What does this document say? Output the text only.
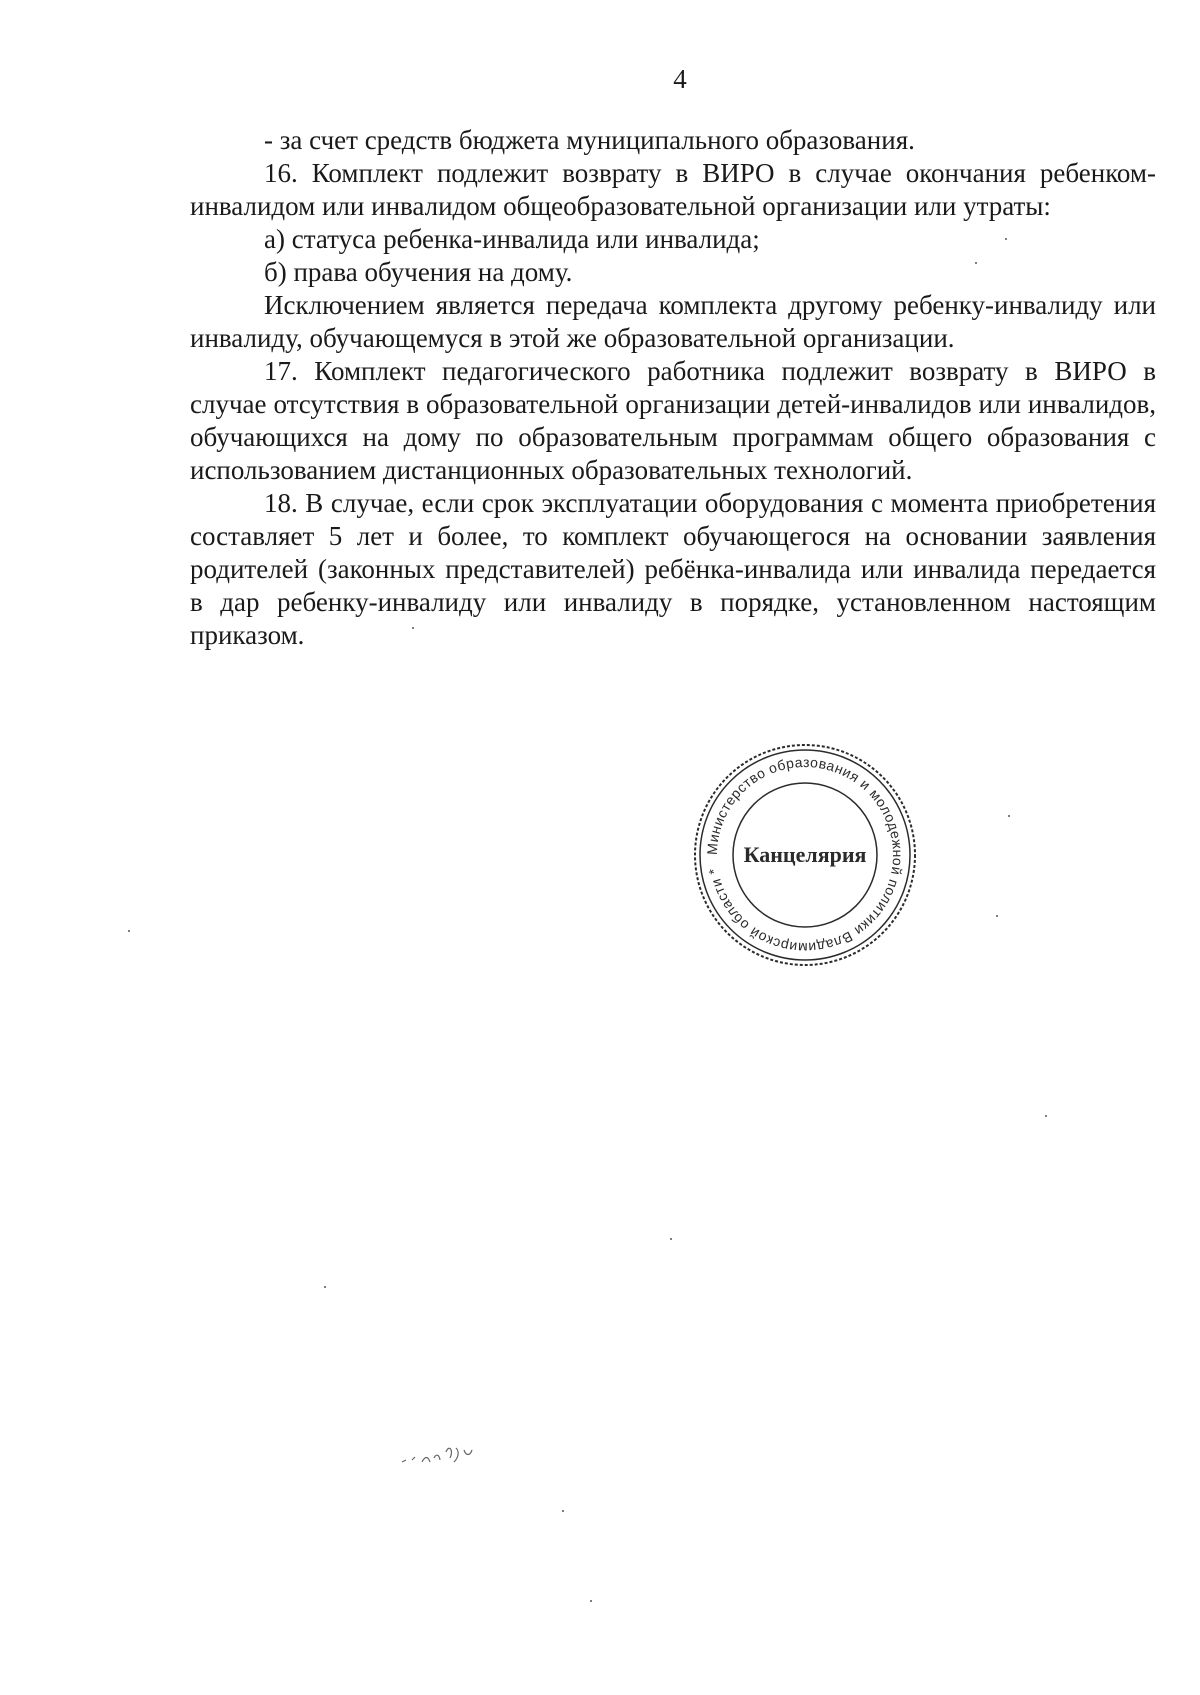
4

- за счет средств бюджета муниципального образования.

16. Комплект подлежит возврату в ВИРО в случае окончания ребенком-инвалидом или инвалидом общеобразовательной организации или утраты:

а) статуса ребенка-инвалида или инвалида;

б) права обучения на дому.

Исключением является передача комплекта другому ребенку-инвалиду или инвалиду, обучающемуся в этой же образовательной организации.

17. Комплект педагогического работника подлежит возврату в ВИРО в случае отсутствия в образовательной организации детей-инвалидов или инвалидов, обучающихся на дому по образовательным программам общего образования с использованием дистанционных образовательных технологий.

18. В случае, если срок эксплуатации оборудования с момента приобретения составляет 5 лет и более, то комплект обучающегося на основании заявления родителей (законных представителей) ребёнка-инвалида или инвалида передается в дар ребенку-инвалиду или инвалиду в порядке, установленном настоящим приказом.

Министерство образования и молодежной политики Владимирской области *
Канцелярия
